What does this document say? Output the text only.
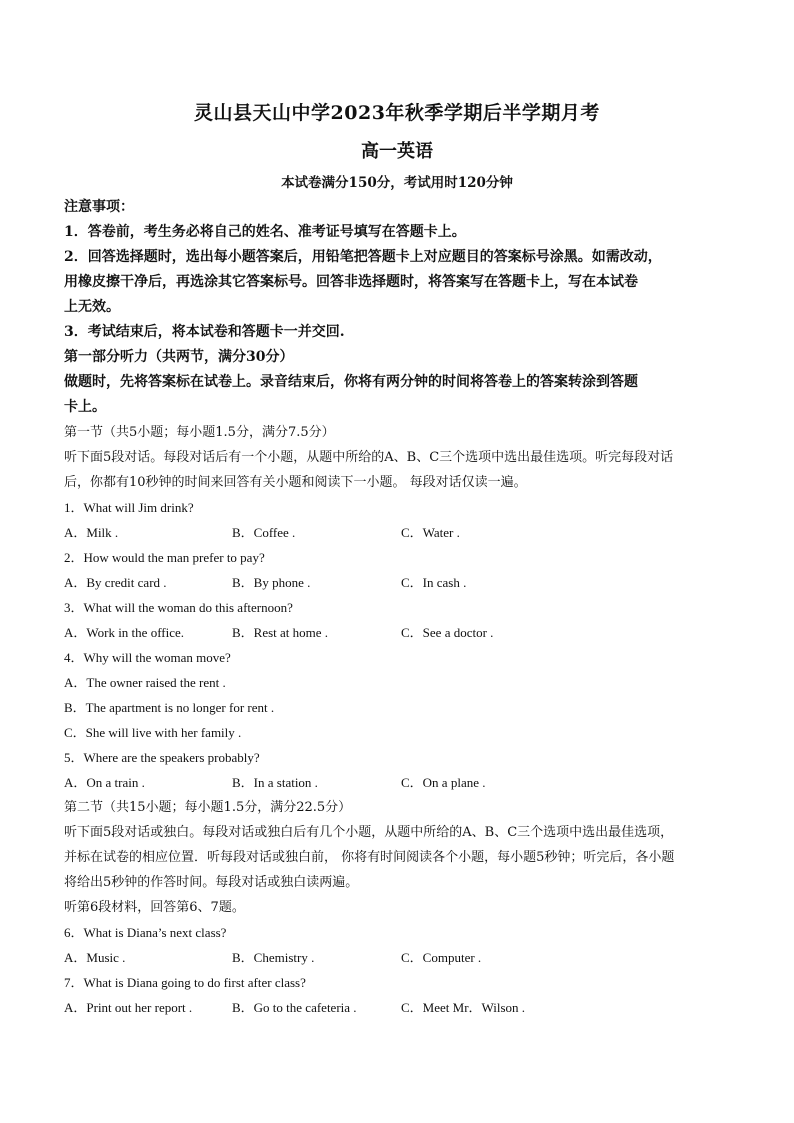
灵山县天山中学2023年秋季学期后半学期月考

高一英语

本试卷满分150分，考试用时120分钟

注意事项：

1．答卷前，考生务必将自己的姓名、准考证号填写在答题卡上。

2．回答选择题时，选出每小题答案后，用铅笔把答题卡上对应题目的答案标号涂黑。如需改动，

用橡皮擦干净后，再选涂其它答案标号。回答非选择题时，将答案写在答题卡上，写在本试卷

上无效。

3．考试结束后，将本试卷和答题卡一并交回.

第一部分听力（共两节，满分30分）

做题时，先将答案标在试卷上。录音结束后，你将有两分钟的时间将答卷上的答案转涂到答题

卡上。

第一节（共5小题；每小题1.5分，满分7.5分）

听下面5段对话。每段对话后有一个小题，从题中所给的A、B、C三个选项中选出最佳选项。听完每段对话

后，你都有10秒钟的时间来回答有关小题和阅读下一小题。 每段对话仅读一遍。

1．What will Jim drink?

A．Milk .	B．Coffee .	C．Water .

2．How would the man prefer to pay?

A．By credit card .	B．By phone .	C．In cash .

3．What will the woman do this afternoon?

A．Work in the office.	B．Rest at home .	C．See a doctor .

4．Why will the woman move?

A．The owner raised the rent .

B．The apartment is no longer for rent .

C．She will live with her family .

5．Where are the speakers probably?

A．On a train .	B．In a station .	C．On a plane .

第二节（共15小题；每小题1.5分，满分22.5分）

听下面5段对话或独白。每段对话或独白后有几个小题，从题中所给的A、B、C三个选项中选出最佳选项，

并标在试卷的相应位置．听每段对话或独白前， 你将有时间阅读各个小题，每小题5秒钟；听完后，各小题

将给出5秒钟的作答时间。每段对话或独白读两遍。

听第6段材料，回答第6、7题。

6．What is Diana’s next class?

A．Music .	B．Chemistry .	C．Computer .

7．What is Diana going to do first after class?

A．Print out her report .	B．Go to the cafeteria .	C．Meet Mr．Wilson .
